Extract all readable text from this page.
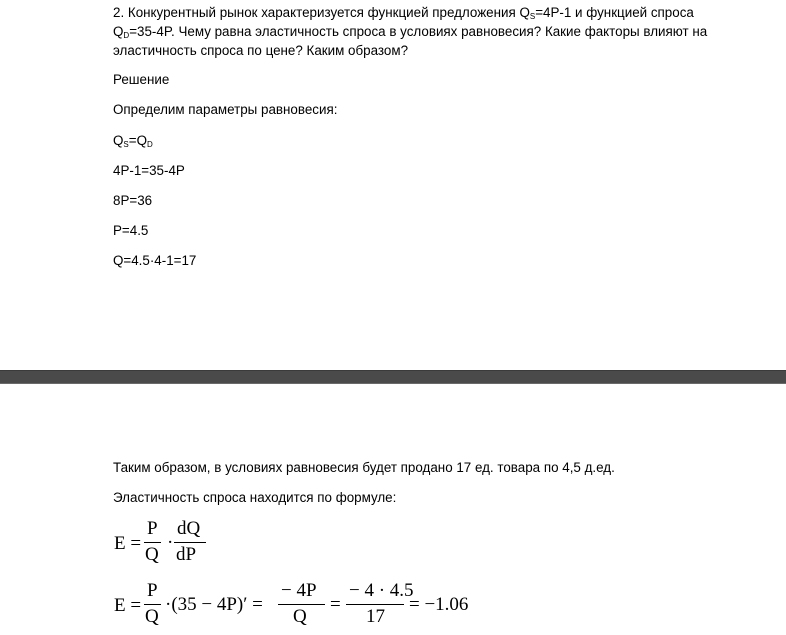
2. Конкурентный рынок характеризуется функцией предложения $Q_S=4P-1$ и функцией спроса
$Q_D=35-4P$. Чему равна эластичность спроса в условиях равновесия? Какие факторы влияют на
эластичность спроса по цене? Каким образом?
Решение
Определим параметры равновесия:
$Q_S=Q_D$
4P-1=35-4P
8P=36
P=4.5
Q=4.5·4-1=17
Таким образом, в условиях равновесия будет продано 17 ед. товара по 4,5 д.ед.
Эластичность спроса находится по формуле:
E =
P
Q
·
dQ
dP
E =
P
Q
·(35 − 4P)′ =
− 4P
Q
=
− 4 · 4.5
17
= −1.06
